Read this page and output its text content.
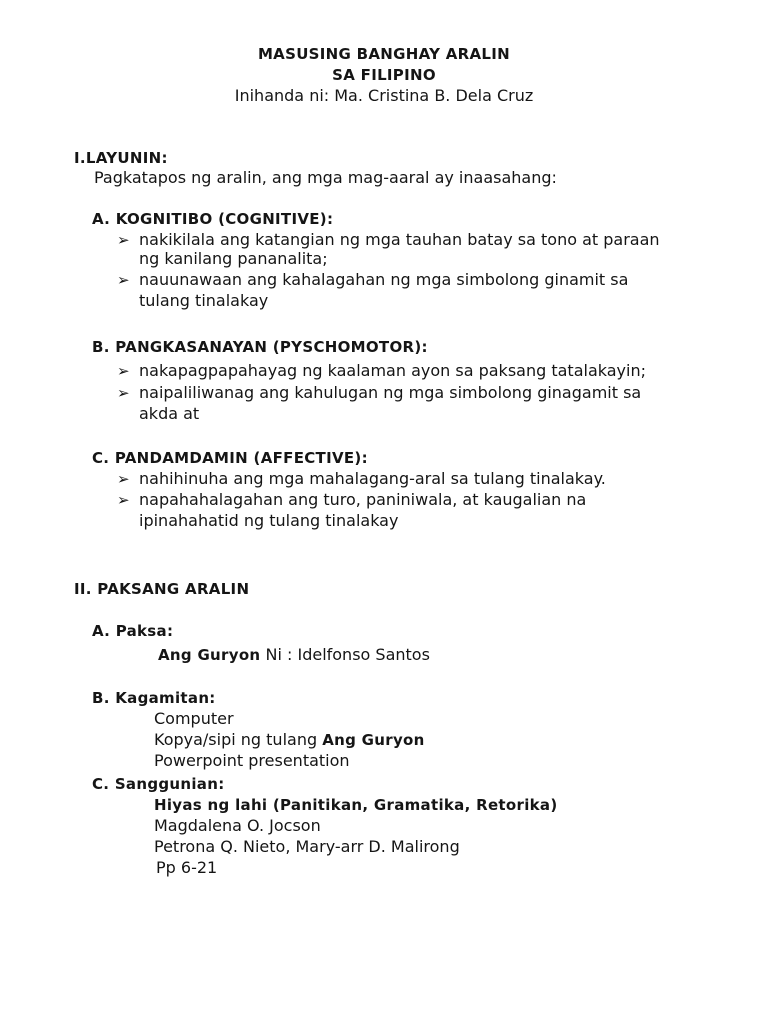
MASUSING BANGHAY ARALIN
SA FILIPINO
Inihanda ni: Ma. Cristina B. Dela Cruz
I.LAYUNIN:
Pagkatapos ng aralin, ang mga mag-aaral ay inaasahang:
A. KOGNITIBO (COGNITIVE):
➢ nakikilala ang katangian ng mga tauhan batay sa tono at paraan
ng kanilang pananalita;
➢ nauunawaan ang kahalagahan ng mga simbolong ginamit sa
tulang tinalakay
B. PANGKASANAYAN (PYSCHOMOTOR):
➢ nakapagpapahayag ng kaalaman ayon sa paksang tatalakayin;
➢ naipaliliwanag ang kahulugan ng mga simbolong ginagamit sa
akda at
C. PANDAMDAMIN (AFFECTIVE):
➢ nahihinuha ang mga mahalagang-aral sa tulang tinalakay.
➢ napahahalagahan ang turo, paniniwala, at kaugalian na
ipinahahatid ng tulang tinalakay
II. PAKSANG ARALIN
A. Paksa:
Ang Guryon Ni : Idelfonso Santos
B. Kagamitan:
Computer
Kopya/sipi ng tulang Ang Guryon
Powerpoint presentation
C. Sanggunian:
Hiyas ng lahi (Panitikan, Gramatika, Retorika)
Magdalena O. Jocson
Petrona Q. Nieto, Mary-arr D. Malirong
Pp 6-21
